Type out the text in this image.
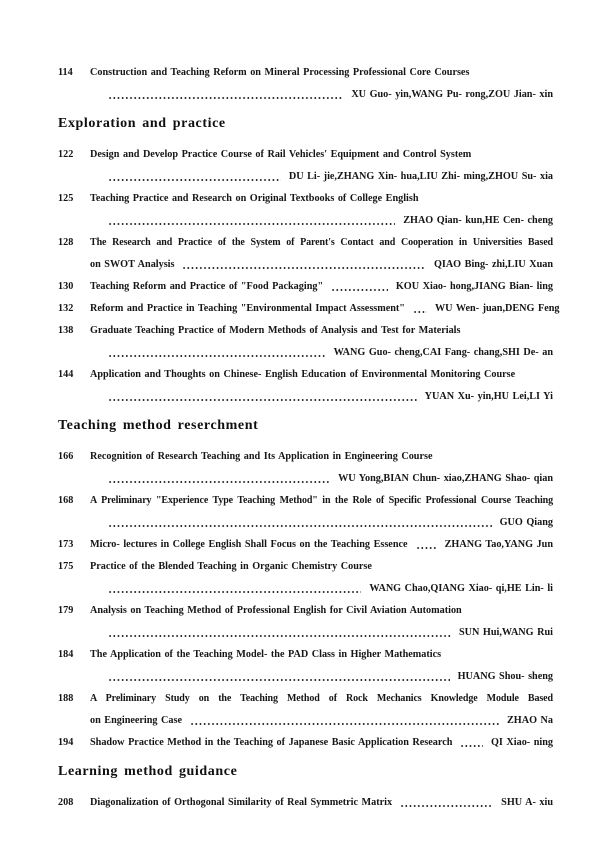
114	Construction and Teaching Reform on Mineral Processing Professional Core Courses
XU Guo- yin,WANG Pu- rong,ZOU Jian- xin
Exploration and practice
122	Design and Develop Practice Course of Rail Vehicles' Equipment and Control System
DU Li- jie,ZHANG Xin- hua,LIU Zhi- ming,ZHOU Su- xia
125	Teaching Practice and Research on Original Textbooks of College English
ZHAO Qian- kun,HE Cen- cheng
128	The Research and Practice of the System of Parent's Contact and Cooperation in Universities Based
on SWOT Analysis	QIAO Bing- zhi,LIU Xuan
130	Teaching Reform and Practice of "Food Packaging"	KOU Xiao- hong,JIANG Bian- ling
132	Reform and Practice in Teaching "Environmental Impact Assessment"	WU Wen- juan,DENG Feng
138	Graduate Teaching Practice of Modern Methods of Analysis and Test for Materials
WANG Guo- cheng,CAI Fang- chang,SHI De- an
144	Application and Thoughts on Chinese- English Education of Environmental Monitoring Course
YUAN Xu- yin,HU Lei,LI Yi
Teaching method reserchment
166	Recognition of Research Teaching and Its Application in Engineering Course
WU Yong,BIAN Chun- xiao,ZHANG Shao- qian
168	A Preliminary "Experience Type Teaching Method" in the Role of Specific Professional Course Teaching
GUO Qiang
173	Micro- lectures in College English Shall Focus on the Teaching Essence	ZHANG Tao,YANG Jun
175	Practice of the Blended Teaching in Organic Chemistry Course
WANG Chao,QIANG Xiao- qi,HE Lin- li
179	Analysis on Teaching Method of Professional English for Civil Aviation Automation
SUN Hui,WANG Rui
184	The Application of the Teaching Model- the PAD Class in Higher Mathematics
HUANG Shou- sheng
188	A Preliminary Study on the Teaching Method of Rock Mechanics Knowledge Module Based
on Engineering Case	ZHAO Na
194	Shadow Practice Method in the Teaching of Japanese Basic Application Research	QI Xiao- ning
Learning method guidance
208	Diagonalization of Orthogonal Similarity of Real Symmetric Matrix	SHU A- xiu
